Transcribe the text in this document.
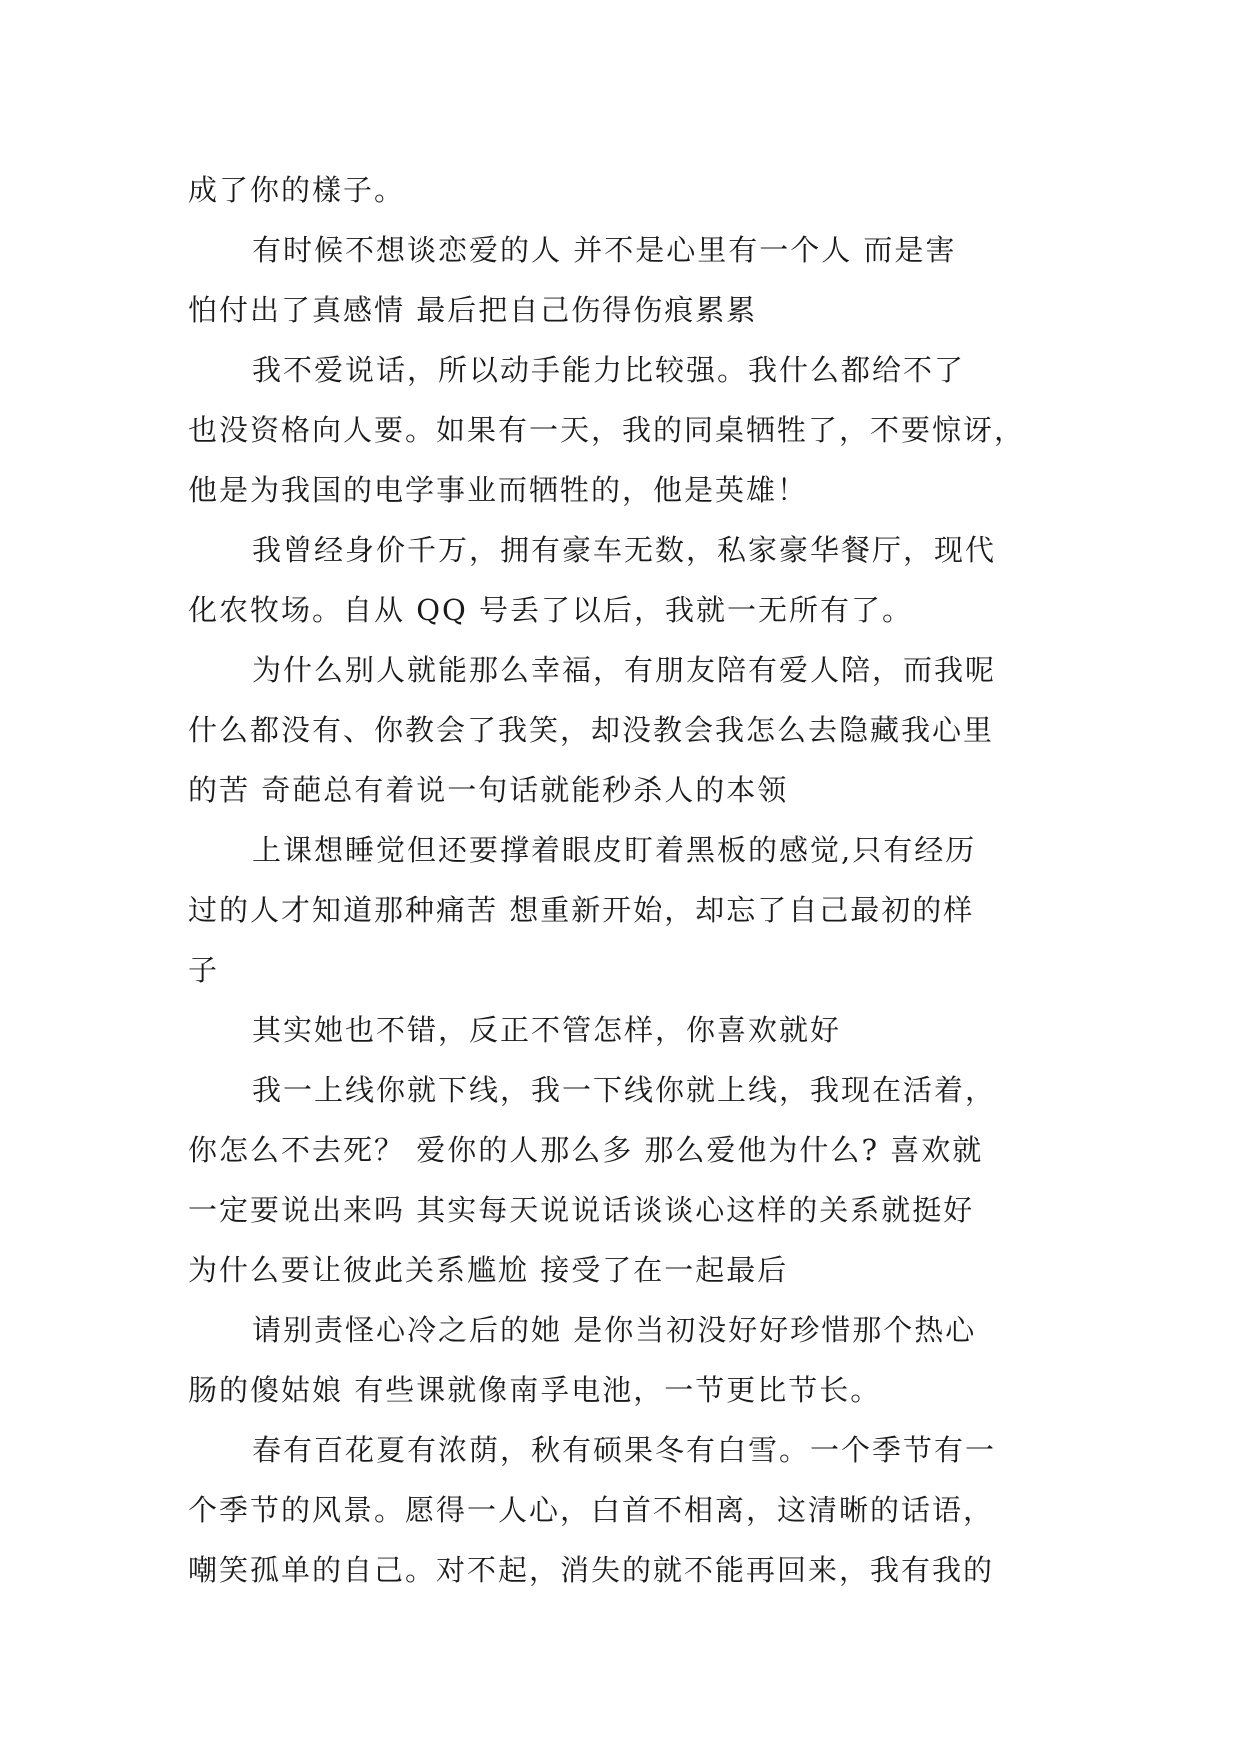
成了你的樣子。
有时候不想谈恋爱的人 并不是心里有一个人 而是害
怕付出了真感情 最后把自己伤得伤痕累累
我不爱说话，所以动手能力比较强。我什么都给不了
也没资格向人要。如果有一天，我的同桌牺牲了，不要惊讶，
他是为我国的电学事业而牺牲的，他是英雄！
我曾经身价千万，拥有豪车无数，私家豪华餐厅，现代
化农牧场。自从 QQ 号丢了以后，我就一无所有了。
为什么别人就能那么幸福，有朋友陪有爱人陪，而我呢
什么都没有、你教会了我笑，却没教会我怎么去隐藏我心里
的苦 奇葩总有着说一句话就能秒杀人的本领
上课想睡觉但还要撑着眼皮盯着黑板的感觉,只有经历
过的人才知道那种痛苦 想重新开始，却忘了自己最初的样
子
其实她也不错，反正不管怎样，你喜欢就好
我一上线你就下线，我一下线你就上线，我现在活着，
你怎么不去死？ 爱你的人那么多 那么爱他为什么? 喜欢就
一定要说出来吗 其实每天说说话谈谈心这样的关系就挺好
为什么要让彼此关系尴尬 接受了在一起最后
请别责怪心冷之后的她 是你当初没好好珍惜那个热心
肠的傻姑娘 有些课就像南孚电池，一节更比节长。
春有百花夏有浓荫，秋有硕果冬有白雪。一个季节有一
个季节的风景。愿得一人心，白首不相离，这清晰的话语，
嘲笑孤单的自己。对不起，消失的就不能再回来，我有我的
